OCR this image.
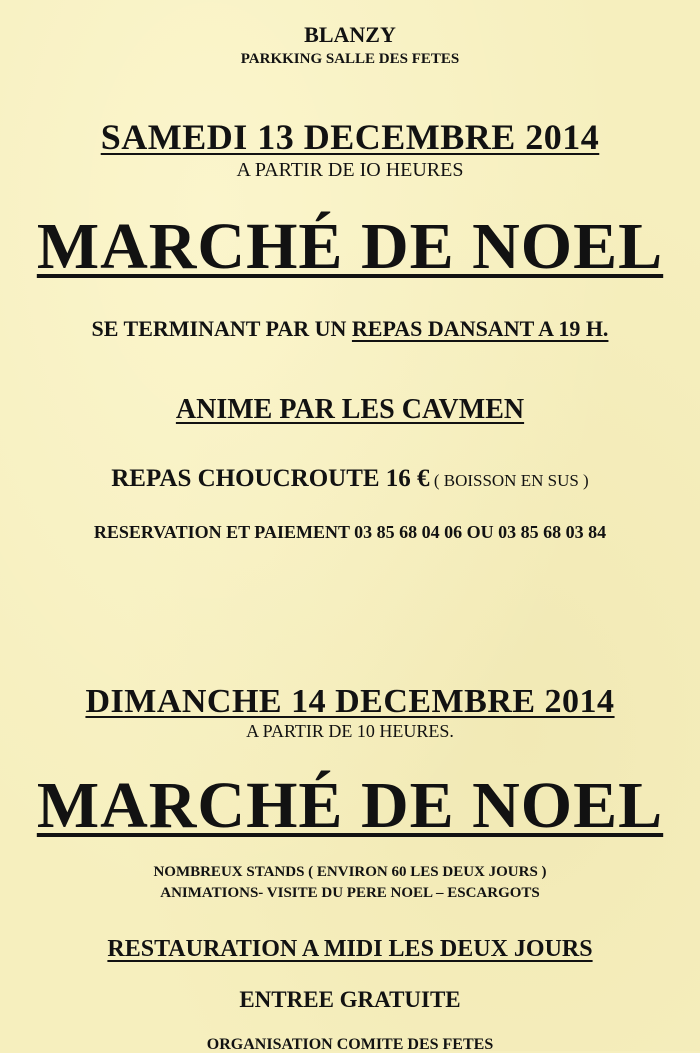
BLANZY
PARKKING SALLE DES FETES
SAMEDI 13 DECEMBRE 2014
A PARTIR DE IO HEURES
MARCHÉ DE NOEL
SE TERMINANT PAR UN REPAS DANSANT A 19 H.
ANIME PAR LES CAVMEN
REPAS CHOUCROUTE 16 € ( BOISSON EN SUS )
RESERVATION ET PAIEMENT 03 85 68 04 06 OU 03 85 68 03 84
DIMANCHE 14 DECEMBRE 2014
A PARTIR DE 10 HEURES.
MARCHÉ DE NOEL
NOMBREUX STANDS ( ENVIRON 60 LES DEUX JOURS )
ANIMATIONS- VISITE DU PERE NOEL – ESCARGOTS
RESTAURATION A MIDI LES DEUX JOURS
ENTREE GRATUITE
ORGANISATION COMITE DES FETES
